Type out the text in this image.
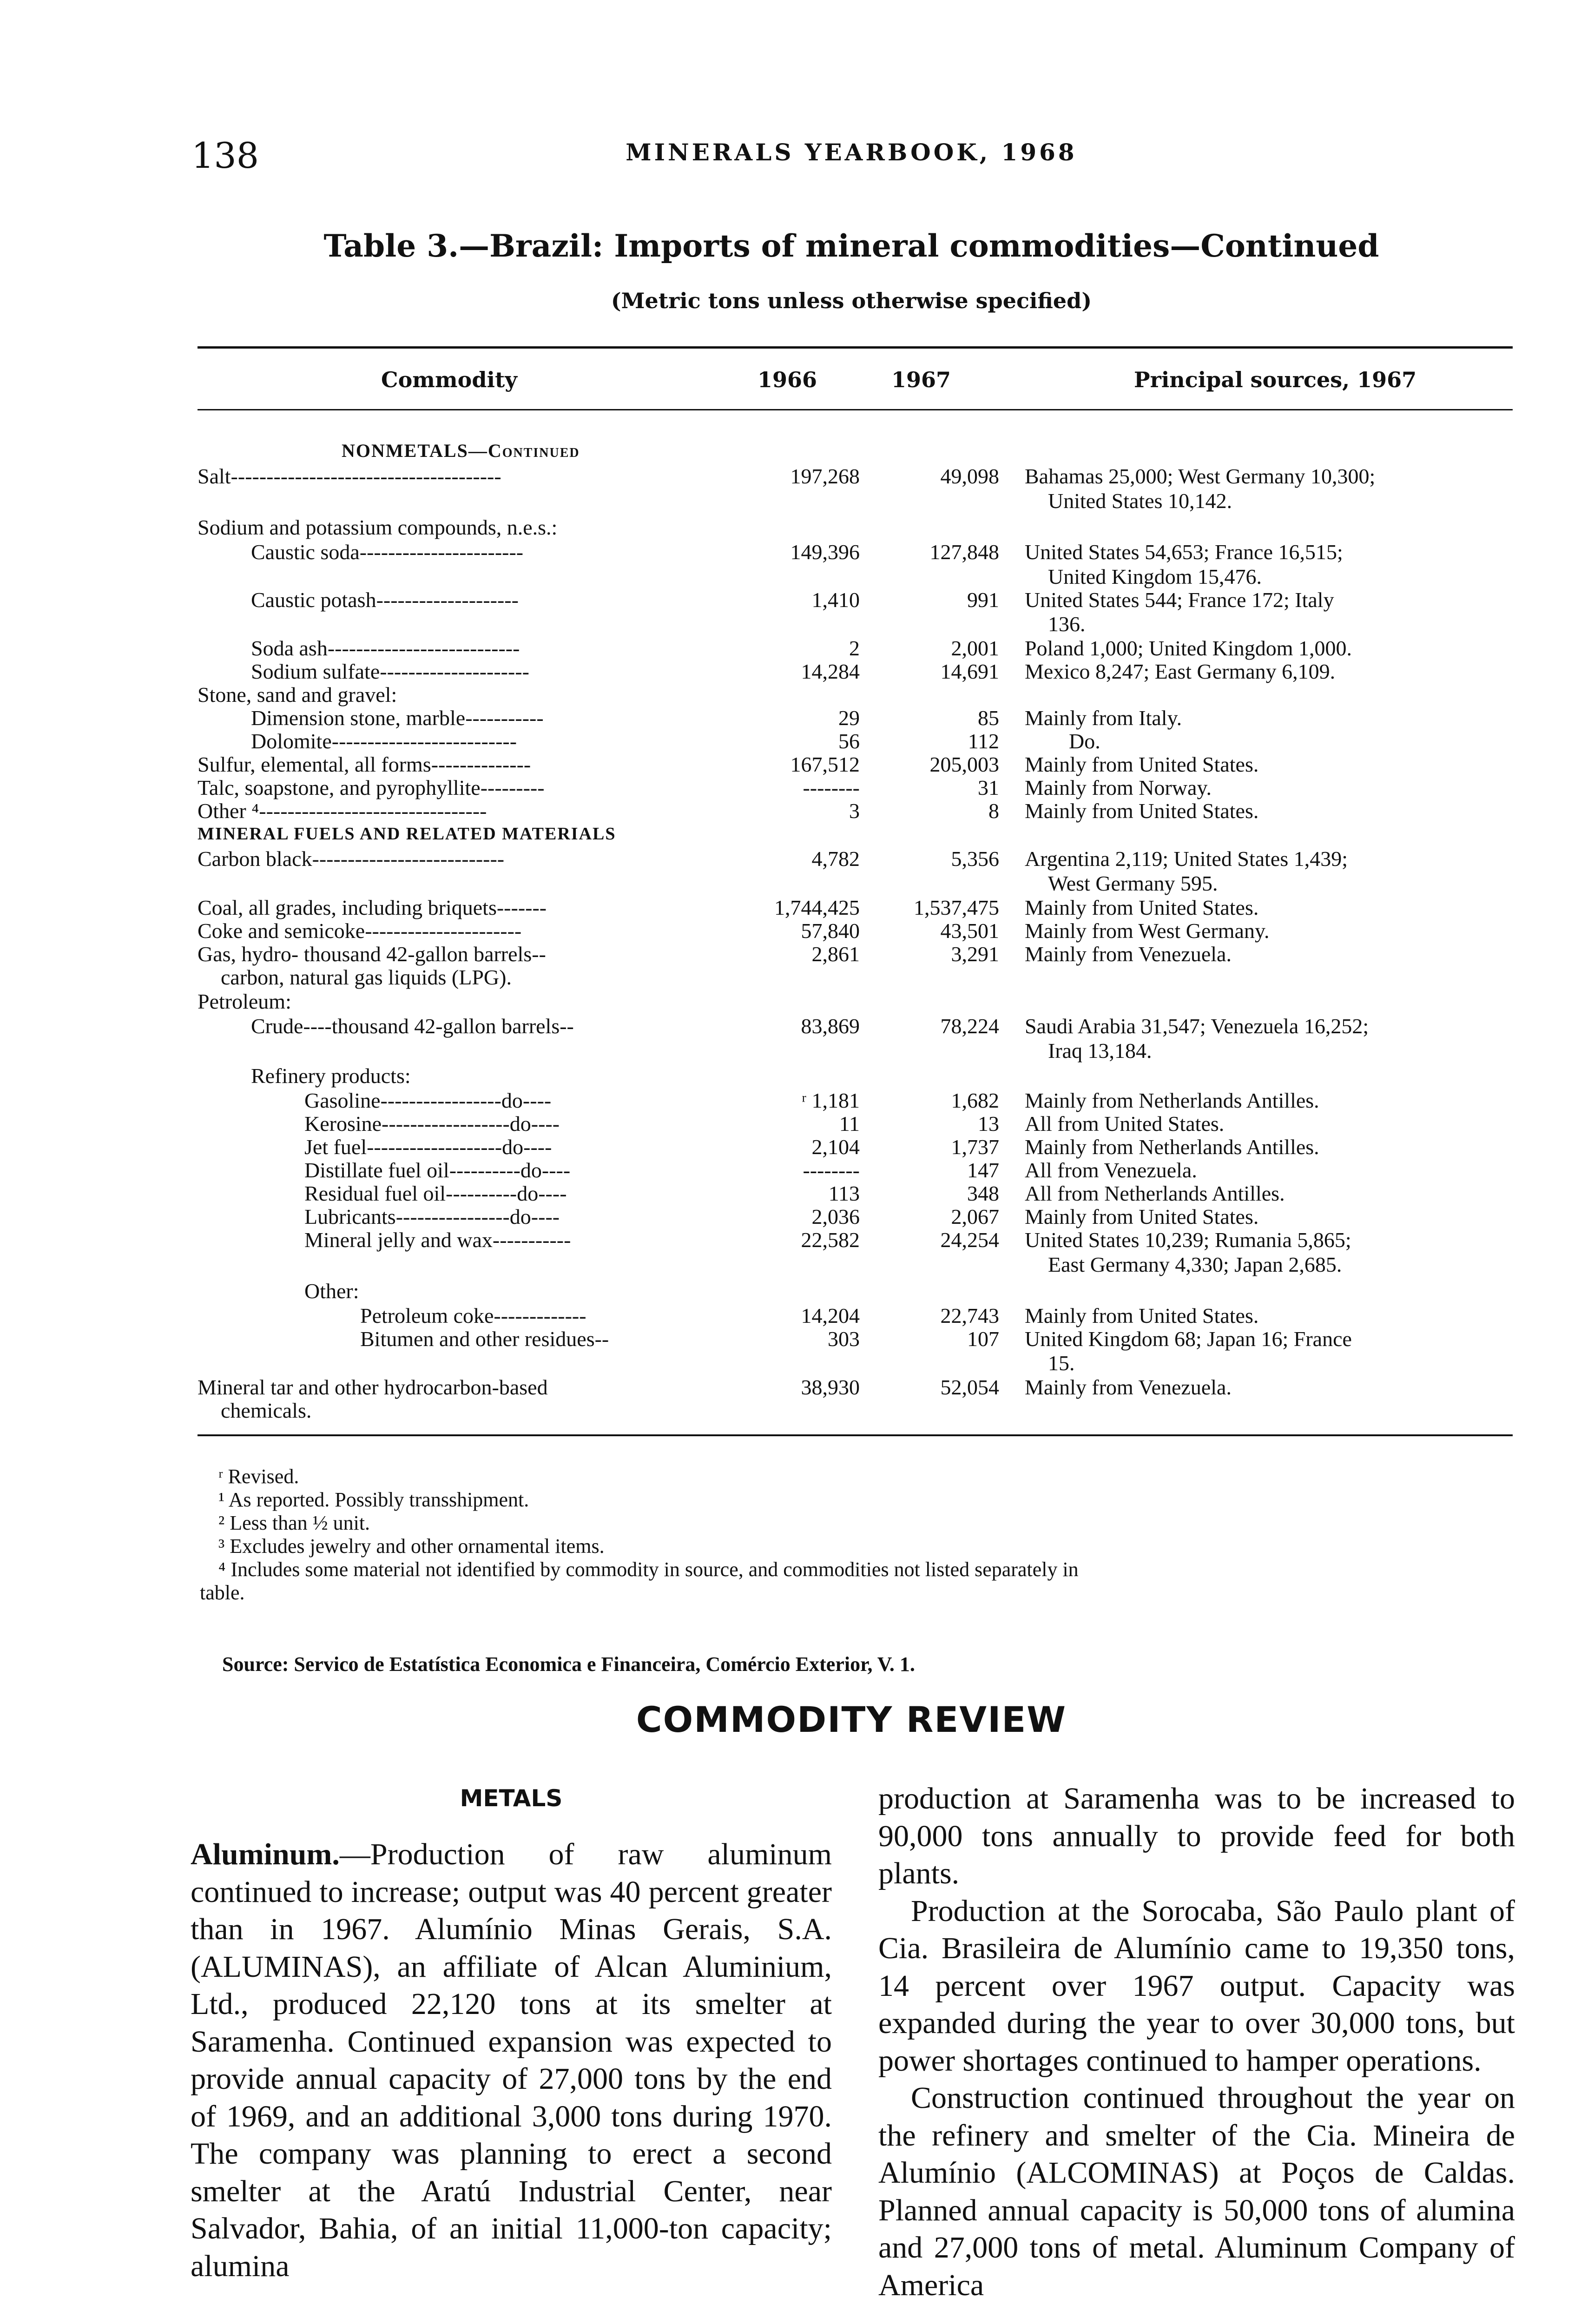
138	MINERALS YEARBOOK, 1968
Table 3.—Brazil: Imports of mineral commodities—Continued
(Metric tons unless otherwise specified)
Commodity	1966	1967	Principal sources, 1967
NONMETALS—Continued
Salt--------------------------------------	197,268	49,098 Bahamas 25,000; West Germany 10,300;
United States 10,142.
Sodium and potassium compounds, n.e.s.:
Caustic soda-----------------------	149,396	127,848 United States 54,653; France 16,515;
United Kingdom 15,476.
Caustic potash--------------------	1,410	991 United States 544; France 172; Italy
136.
Soda ash---------------------------	2	2,001 Poland 1,000; United Kingdom 1,000.
Sodium sulfate---------------------	14,284	14,691 Mexico 8,247; East Germany 6,109.
Stone, sand and gravel:
Dimension stone, marble-----------	29	85 Mainly from Italy.
Dolomite--------------------------	56	112	Do.
Sulfur, elemental, all forms--------------	167,512	205,003 Mainly from United States.
Talc, soapstone, and pyrophyllite---------	--------	31 Mainly from Norway.
Other ⁴--------------------------------	3	8 Mainly from United States.
MINERAL FUELS AND RELATED MATERIALS
Carbon black---------------------------	4,782	5,356 Argentina 2,119; United States 1,439;
West Germany 595.
Coal, all grades, including briquets-------	1,744,425	1,537,475 Mainly from United States.
Coke and semicoke----------------------	57,840	43,501 Mainly from West Germany.
Gas, hydro- thousand 42-gallon barrels--
carbon, natural gas liquids (LPG).
2,861	3,291 Mainly from Venezuela.
Petroleum:
Crude----thousand 42-gallon barrels--	83,869	78,224 Saudi Arabia 31,547; Venezuela 16,252;
Iraq 13,184.
Refinery products:
Gasoline-----------------do----	ʳ 1,181	1,682 Mainly from Netherlands Antilles.
Kerosine------------------do----	11	13 All from United States.
Jet fuel-------------------do----	2,104	1,737 Mainly from Netherlands Antilles.
Distillate fuel oil----------do----	--------	147 All from Venezuela.
Residual fuel oil----------do----	113	348 All from Netherlands Antilles.
Lubricants----------------do----	2,036	2,067 Mainly from United States.
Mineral jelly and wax-----------	22,582	24,254 United States 10,239; Rumania 5,865;
East Germany 4,330; Japan 2,685.
Other:
Petroleum coke-------------	14,204	22,743 Mainly from United States.
Bitumen and other residues--	303	107 United Kingdom 68; Japan 16; France
15.
Mineral tar and other hydrocarbon-based
chemicals.
38,930	52,054 Mainly from Venezuela.
ʳ Revised.
¹ As reported. Possibly transshipment.
² Less than ½ unit.
³ Excludes jewelry and other ornamental items.
⁴ Includes some material not identified by commodity in source, and commodities not listed separately in
table.
Source: Servico de Estatística Economica e Financeira, Comércio Exterior, V. 1.
COMMODITY REVIEW
METALS

Aluminum.—Production of raw aluminum continued to increase; output was 40 percent greater than in 1967. Alumínio Minas Gerais, S.A. (ALUMINAS), an affiliate of Alcan Aluminium, Ltd., produced 22,120 tons at its smelter at Saramenha. Continued expansion was expected to provide annual capacity of 27,000 tons by the end of 1969, and an additional 3,000 tons during 1970. The company was planning to erect a second smelter at the Aratú Industrial Center, near Salvador, Bahia, of an initial 11,000-ton capacity; alumina

production at Saramenha was to be increased to 90,000 tons annually to provide feed for both plants.

Production at the Sorocaba, São Paulo plant of Cia. Brasileira de Alumínio came to 19,350 tons, 14 percent over 1967 output. Capacity was expanded during the year to over 30,000 tons, but power shortages continued to hamper operations.

Construction continued throughout the year on the refinery and smelter of the Cia. Mineira de Alumínio (ALCOMINAS) at Poços de Caldas. Planned annual capacity is 50,000 tons of alumina and 27,000 tons of metal. Aluminum Company of America
